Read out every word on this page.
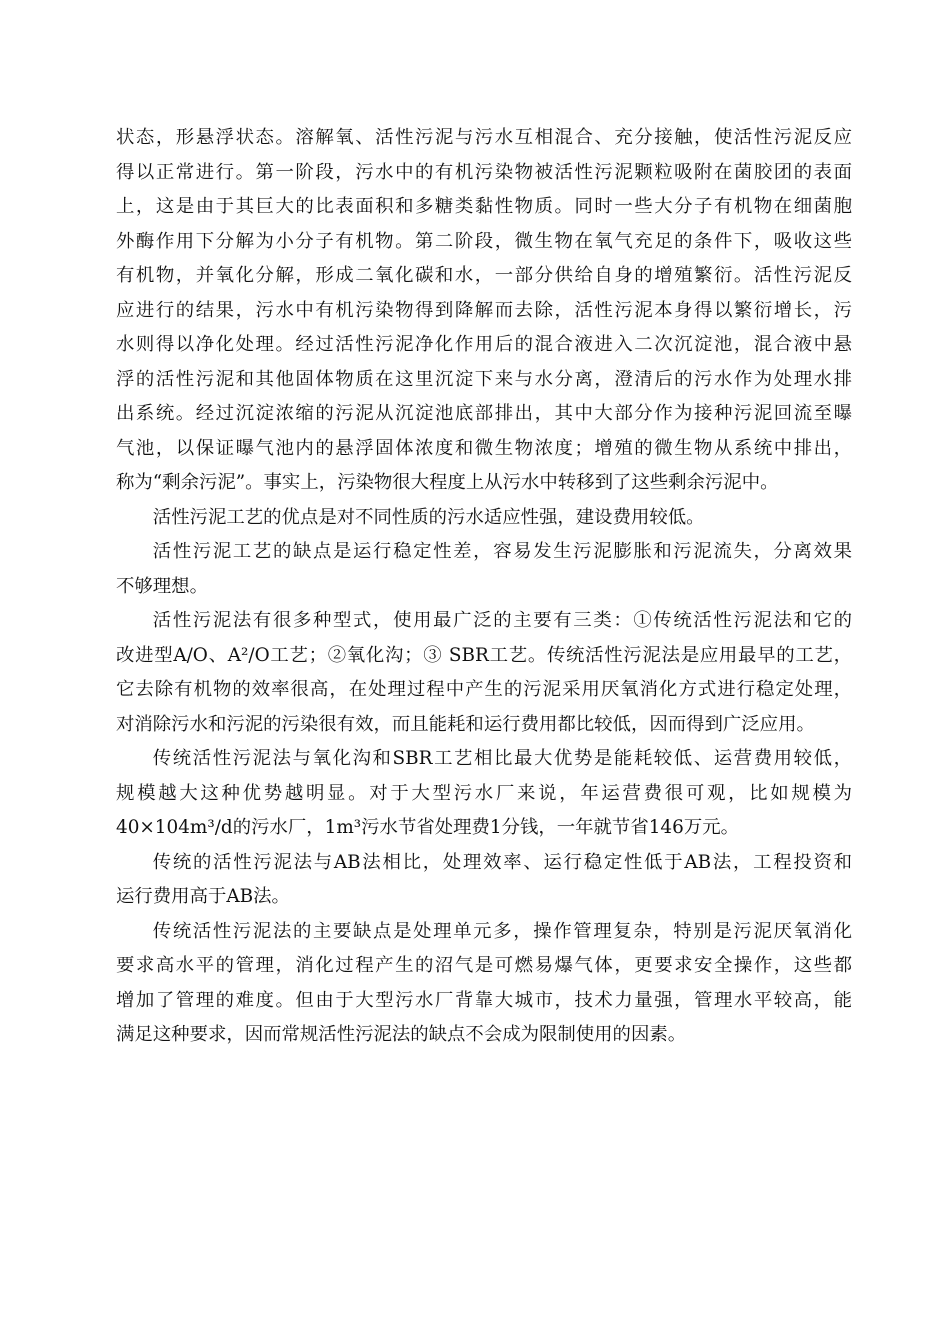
状态，形悬浮状态。溶解氧、活性污泥与污水互相混合、充分接触，使活性污泥反应
得以正常进行。第一阶段，污水中的有机污染物被活性污泥颗粒吸附在菌胶团的表面
上，这是由于其巨大的比表面积和多糖类黏性物质。同时一些大分子有机物在细菌胞
外酶作用下分解为小分子有机物。第二阶段，微生物在氧气充足的条件下，吸收这些
有机物，并氧化分解，形成二氧化碳和水，一部分供给自身的增殖繁衍。活性污泥反
应进行的结果，污水中有机污染物得到降解而去除，活性污泥本身得以繁衍增长，污
水则得以净化处理。经过活性污泥净化作用后的混合液进入二次沉淀池，混合液中悬
浮的活性污泥和其他固体物质在这里沉淀下来与水分离，澄清后的污水作为处理水排
出系统。经过沉淀浓缩的污泥从沉淀池底部排出，其中大部分作为接种污泥回流至曝
气池，以保证曝气池内的悬浮固体浓度和微生物浓度；增殖的微生物从系统中排出，
称为“剩余污泥”。事实上，污染物很大程度上从污水中转移到了这些剩余污泥中。

活性污泥工艺的优点是对不同性质的污水适应性强，建设费用较低。

活性污泥工艺的缺点是运行稳定性差，容易发生污泥膨胀和污泥流失，分离效果
不够理想。

活性污泥法有很多种型式，使用最广泛的主要有三类：①传统活性污泥法和它的
改进型A/O、A²/O工艺；②氧化沟；③ SBR工艺。传统活性污泥法是应用最早的工艺，
它去除有机物的效率很高，在处理过程中产生的污泥采用厌氧消化方式进行稳定处理，
对消除污水和污泥的污染很有效，而且能耗和运行费用都比较低，因而得到广泛应用。

传统活性污泥法与氧化沟和SBR工艺相比最大优势是能耗较低、运营费用较低，
规模越大这种优势越明显。对于大型污水厂来说，年运营费很可观，比如规模为
40×104m³/d的污水厂，1m³污水节省处理费1分钱，一年就节省146万元。

传统的活性污泥法与AB法相比，处理效率、运行稳定性低于AB法，工程投资和
运行费用高于AB法。

传统活性污泥法的主要缺点是处理单元多，操作管理复杂，特别是污泥厌氧消化
要求高水平的管理，消化过程产生的沼气是可燃易爆气体，更要求安全操作，这些都
增加了管理的难度。但由于大型污水厂背靠大城市，技术力量强，管理水平较高，能
满足这种要求，因而常规活性污泥法的缺点不会成为限制使用的因素。
